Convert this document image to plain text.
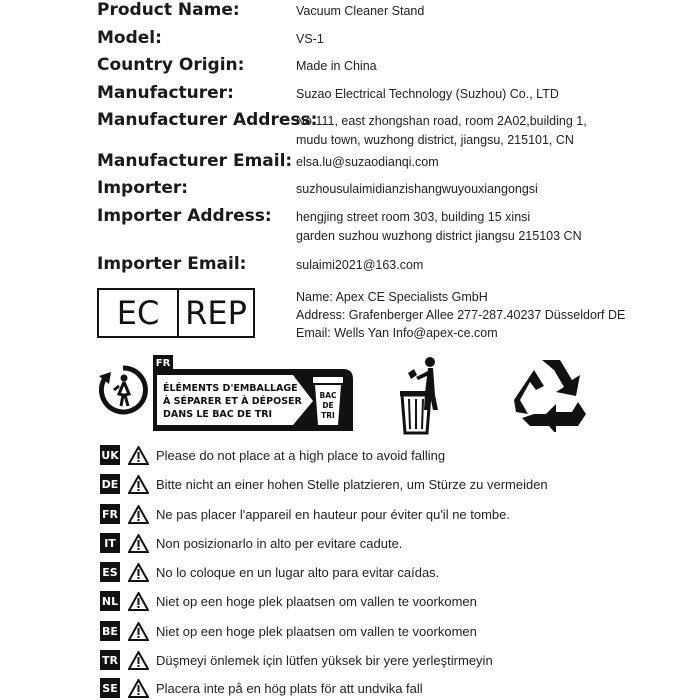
Product Name:	Vacuum Cleaner Stand
Model:	VS-1
Country Origin:	Made in China
Manufacturer:	Suzao Electrical Technology (Suzhou) Co., LTD
Manufacturer Address:
No.111, east zhongshan road, room 2A02,building 1,
mudu town, wuzhong district, jiangsu, 215101, CN
Manufacturer Email: elsa.lu@suzaodianqi.com
Importer:	suzhousulaimidianzishangwuyouxiangongsi
Importer Address: hengjing street room 303, building 15 xinsi
garden suzhou wuzhong district jiangsu 215103 CN
Importer Email:	sulaimi2021@163.com
EC REP	Name: Apex CE Specialists GmbH
Address: Grafenberger Allee 277-287.40237 Düsseldorf DE
Email: Wells Yan Info@apex-ce.com
FR
ÉLÉMENTS D'EMBALLAGE
À SÉPARER ET À DÉPOSER
DANS LE BAC DE TRI
BAC
DE
TRI
UK	Please do not place at a high place to avoid falling
DE	Bitte nicht an einer hohen Stelle platzieren, um Stürze zu vermeiden
FR	Ne pas placer l'appareil en hauteur pour éviter qu'il ne tombe.
IT	Non posizionarlo in alto per evitare cadute.
ES	No lo coloque en un lugar alto para evitar caídas.
NL	Niet op een hoge plek plaatsen om vallen te voorkomen
BE	Niet op een hoge plek plaatsen om vallen te voorkomen
TR	Düşmeyi önlemek için lütfen yüksek bir yere yerleştirmeyin
SE	Placera inte på en hög plats för att undvika fall
